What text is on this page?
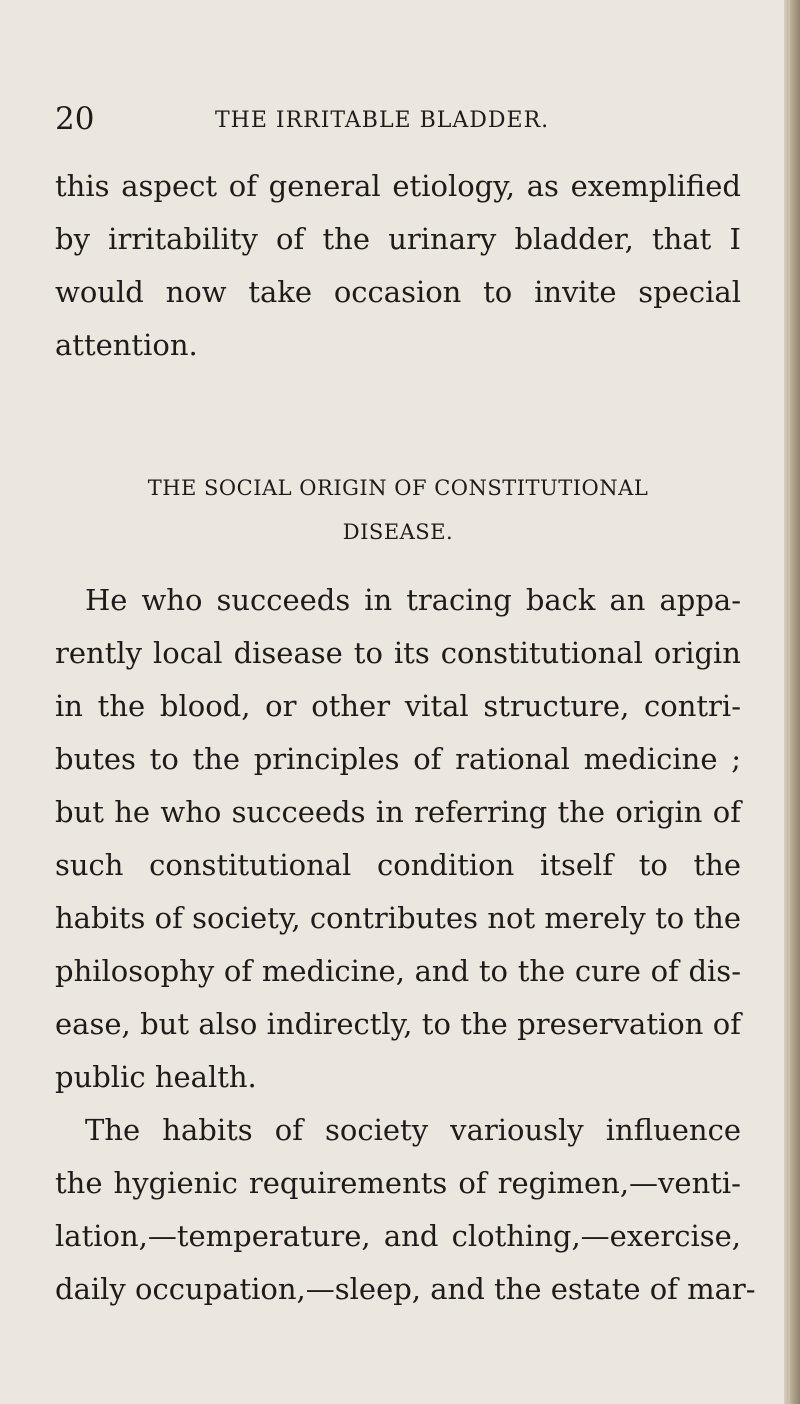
20	THE IRRITABLE BLADDER.
this aspect of general etiology, as exemplified
by irritability of the urinary bladder, that I
would now take occasion to invite special
attention.
THE SOCIAL ORIGIN OF CONSTITUTIONAL
DISEASE.
He who succeeds in tracing back an appa-
rently local disease to its constitutional origin
in the blood, or other vital structure, contri-
butes to the principles of rational medicine ;
but he who succeeds in referring the origin of
such constitutional condition itself to the
habits of society, contributes not merely to the
philosophy of medicine, and to the cure of dis-
ease, but also indirectly, to the preservation of
public health.
The habits of society variously influence
the hygienic requirements of regimen,—venti-
lation,—temperature, and clothing,—exercise,
daily occupation,—sleep, and the estate of mar-
